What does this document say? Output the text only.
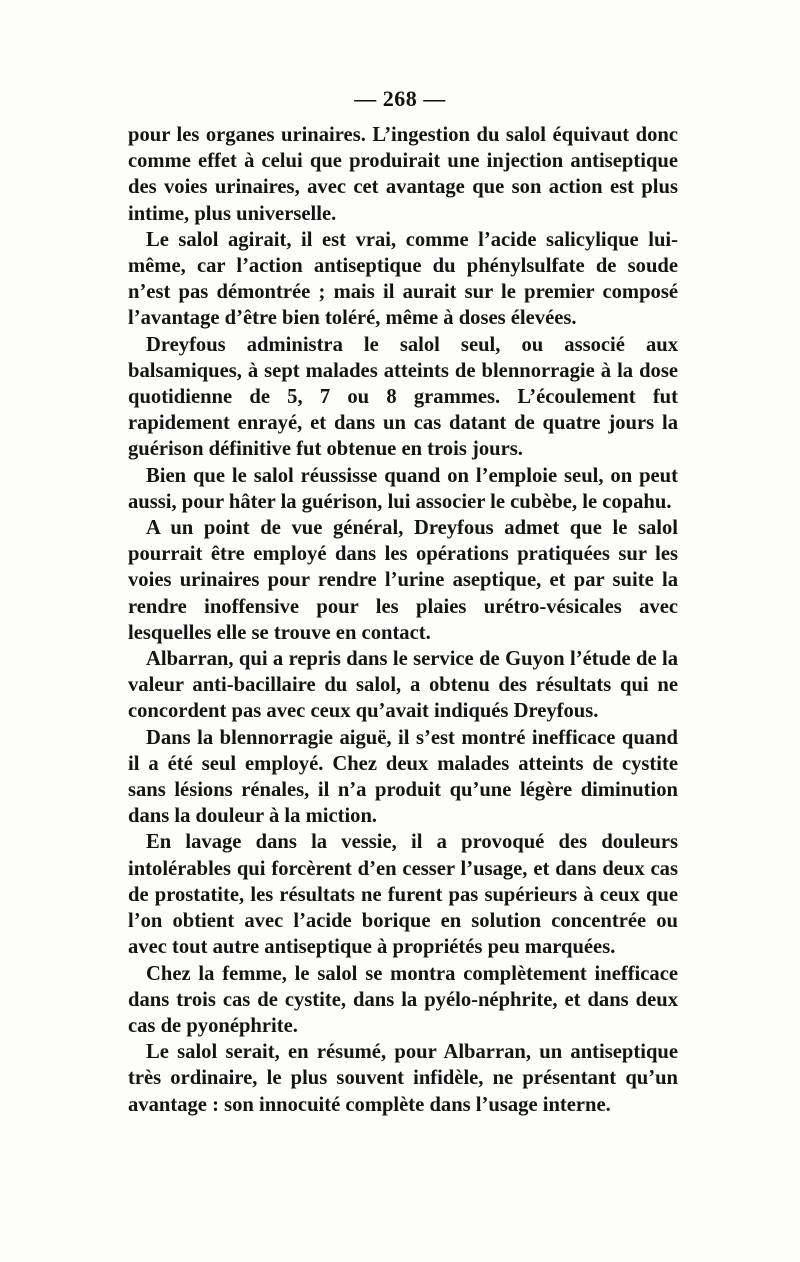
— 268 —

pour les organes urinaires. L’ingestion du salol équivaut donc comme effet à celui que produirait une injection antiseptique des voies urinaires, avec cet avantage que son action est plus intime, plus universelle.

Le salol agirait, il est vrai, comme l’acide salicylique lui-même, car l’action antiseptique du phénylsulfate de soude n’est pas démontrée ; mais il aurait sur le premier composé l’avantage d’être bien toléré, même à doses élevées.

Dreyfous administra le salol seul, ou associé aux balsamiques, à sept malades atteints de blennorragie à la dose quotidienne de 5, 7 ou 8 grammes. L’écoulement fut rapidement enrayé, et dans un cas datant de quatre jours la guérison définitive fut obtenue en trois jours.

Bien que le salol réussisse quand on l’emploie seul, on peut aussi, pour hâter la guérison, lui associer le cubèbe, le copahu.

A un point de vue général, Dreyfous admet que le salol pourrait être employé dans les opérations pratiquées sur les voies urinaires pour rendre l’urine aseptique, et par suite la rendre inoffensive pour les plaies urétro-vésicales avec lesquelles elle se trouve en contact.

Albarran, qui a repris dans le service de Guyon l’étude de la valeur anti-bacillaire du salol, a obtenu des résultats qui ne concordent pas avec ceux qu’avait indiqués Dreyfous.

Dans la blennorragie aiguë, il s’est montré inefficace quand il a été seul employé. Chez deux malades atteints de cystite sans lésions rénales, il n’a produit qu’une légère diminution dans la douleur à la miction.

En lavage dans la vessie, il a provoqué des douleurs intolérables qui forcèrent d’en cesser l’usage, et dans deux cas de prostatite, les résultats ne furent pas supérieurs à ceux que l’on obtient avec l’acide borique en solution concentrée ou avec tout autre antiseptique à propriétés peu marquées.

Chez la femme, le salol se montra complètement inefficace dans trois cas de cystite, dans la pyélo-néphrite, et dans deux cas de pyonéphrite.

Le salol serait, en résumé, pour Albarran, un antiseptique très ordinaire, le plus souvent infidèle, ne présentant qu’un avantage : son innocuité complète dans l’usage interne.
